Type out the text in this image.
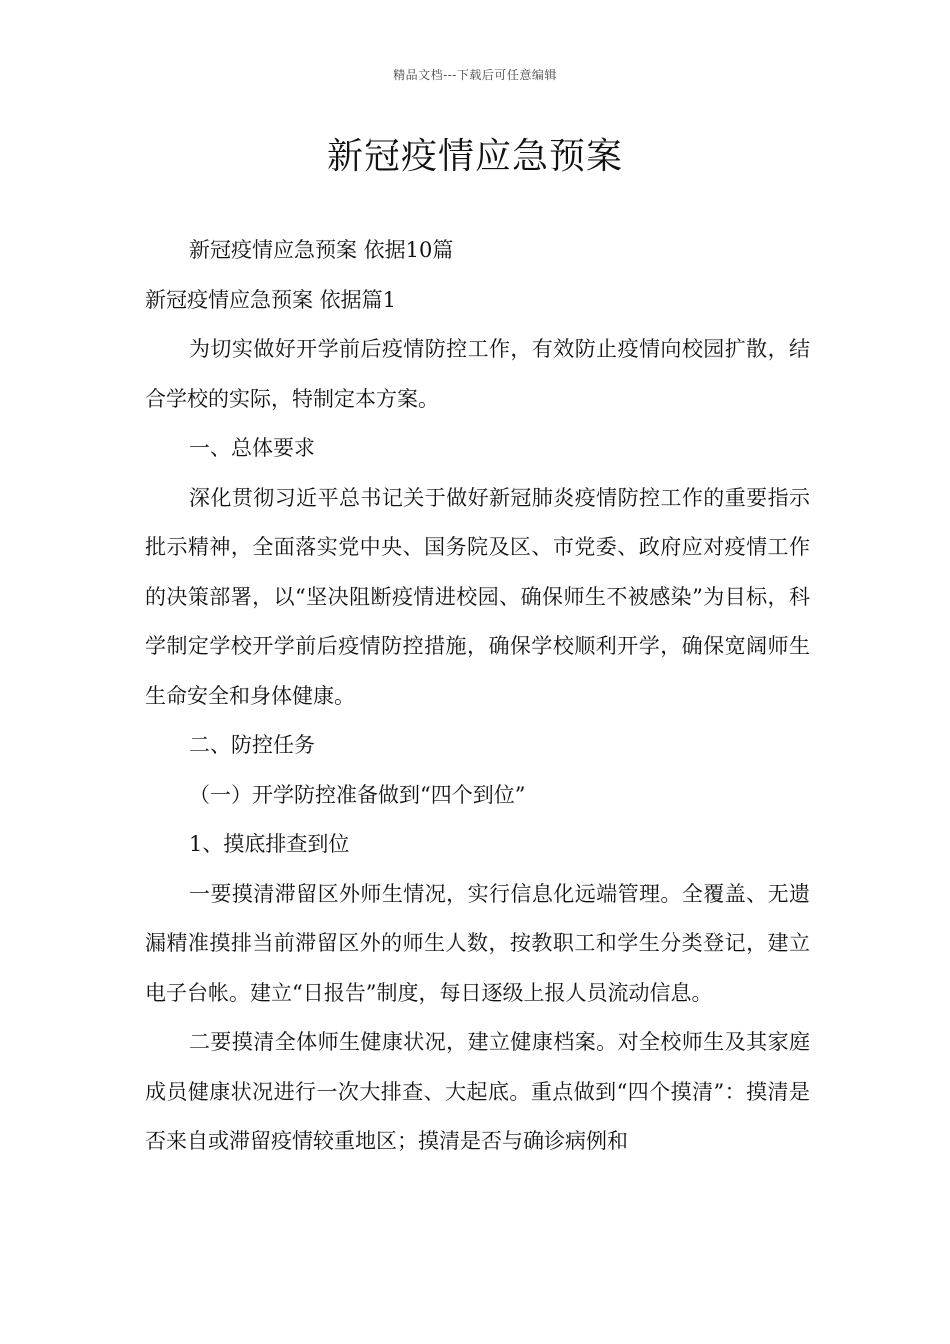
精品文档---下载后可任意编辑
新冠疫情应急预案

新冠疫情应急预案 依据10篇

新冠疫情应急预案 依据篇1

为切实做好开学前后疫情防控工作，有效防止疫情向校园扩散，结合学校的实际，特制定本方案。

一、总体要求

深化贯彻习近平总书记关于做好新冠肺炎疫情防控工作的重要指示批示精神，全面落实党中央、国务院及区、市党委、政府应对疫情工作的决策部署，以“坚决阻断疫情进校园、确保师生不被感染”为目标，科学制定学校开学前后疫情防控措施，确保学校顺利开学，确保宽阔师生生命安全和身体健康。

二、防控任务

（一）开学防控准备做到“四个到位”

1、摸底排查到位

一要摸清滞留区外师生情况，实行信息化远端管理。全覆盖、无遗漏精准摸排当前滞留区外的师生人数，按教职工和学生分类登记，建立电子台帐。建立“日报告”制度，每日逐级上报人员流动信息。

二要摸清全体师生健康状况，建立健康档案。对全校师生及其家庭成员健康状况进行一次大排查、大起底。重点做到“四个摸清”：摸清是否来自或滞留疫情较重地区；摸清是否与确诊病例和
